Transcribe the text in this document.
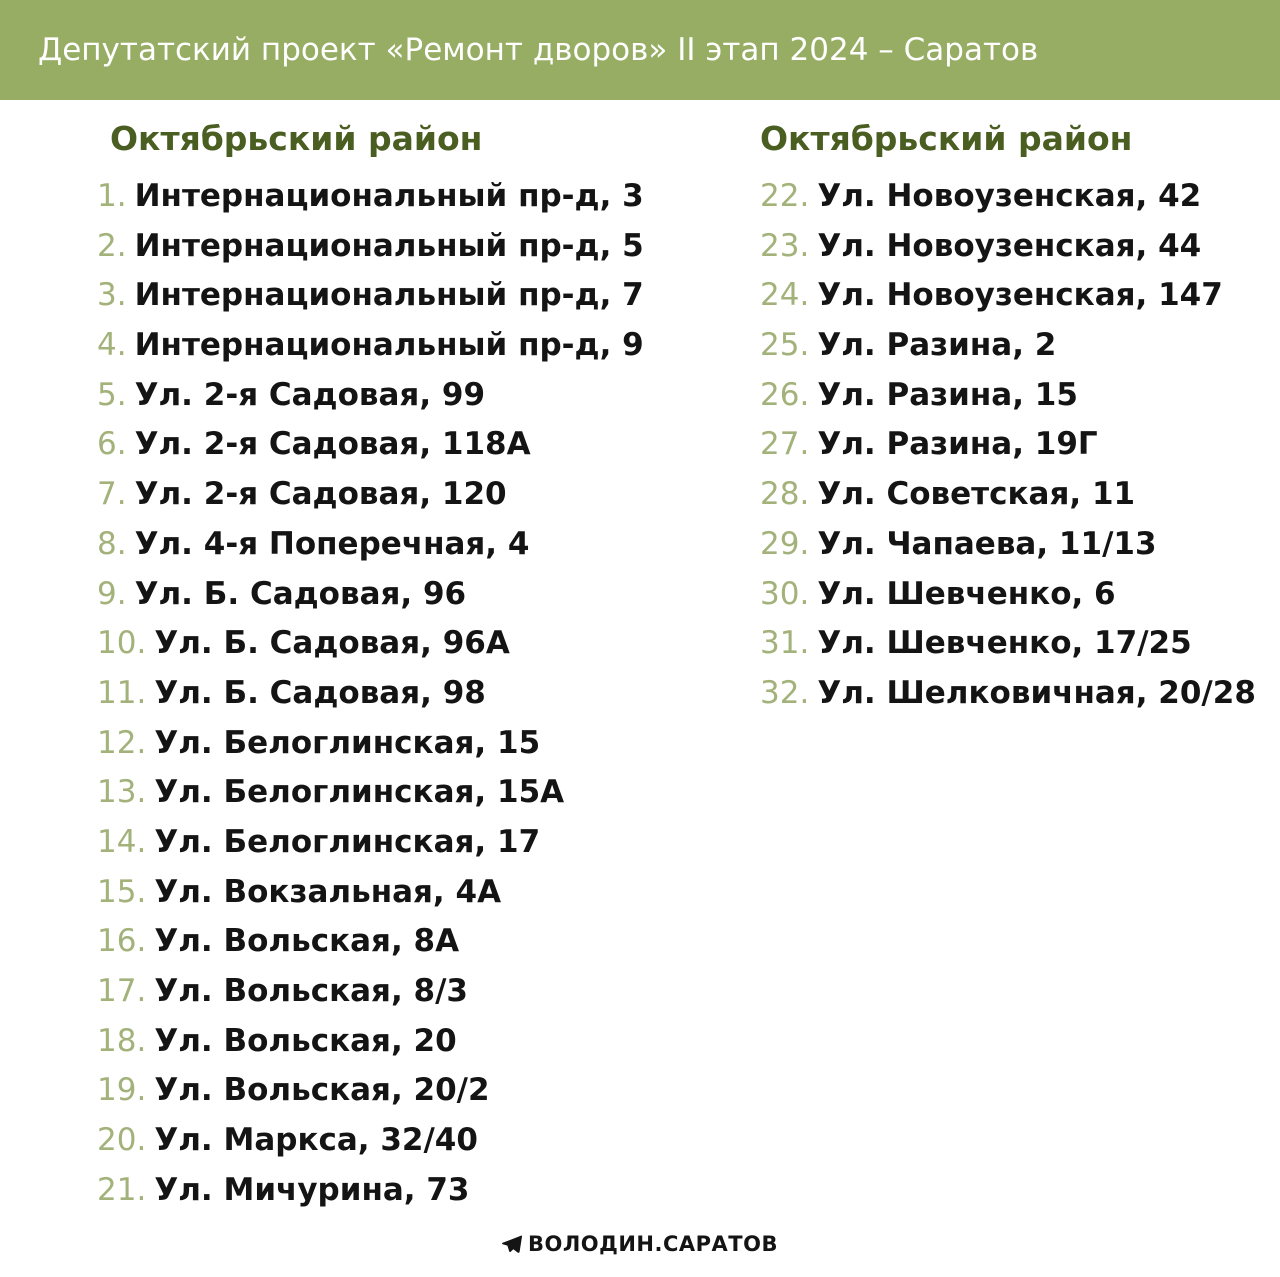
Депутатский проект «Ремонт дворов» II этап 2024 – Саратов
Октябрьский район	Октябрьский район
1. Интернациональный пр-д, 3
2. Интернациональный пр-д, 5
3. Интернациональный пр-д, 7
4. Интернациональный пр-д, 9
5. Ул. 2-я Садовая, 99
6. Ул. 2-я Садовая, 118А
7. Ул. 2-я Садовая, 120
8. Ул. 4-я Поперечная, 4
9. Ул. Б. Садовая, 96
10. Ул. Б. Садовая, 96А
11. Ул. Б. Садовая, 98
12. Ул. Белоглинская, 15
13. Ул. Белоглинская, 15А
14. Ул. Белоглинская, 17
15. Ул. Вокзальная, 4А
16. Ул. Вольская, 8А
17. Ул. Вольская, 8/3
18. Ул. Вольская, 20
19. Ул. Вольская, 20/2
20. Ул. Маркса, 32/40
21. Ул. Мичурина, 73
22. Ул. Новоузенская, 42
23. Ул. Новоузенская, 44
24. Ул. Новоузенская, 147
25. Ул. Разина, 2
26. Ул. Разина, 15
27. Ул. Разина, 19Г
28. Ул. Советская, 11
29. Ул. Чапаева, 11/13
30. Ул. Шевченко, 6
31. Ул. Шевченко, 17/25
32. Ул. Шелковичная, 20/28
ВОЛОДИН.САРАТОВ
